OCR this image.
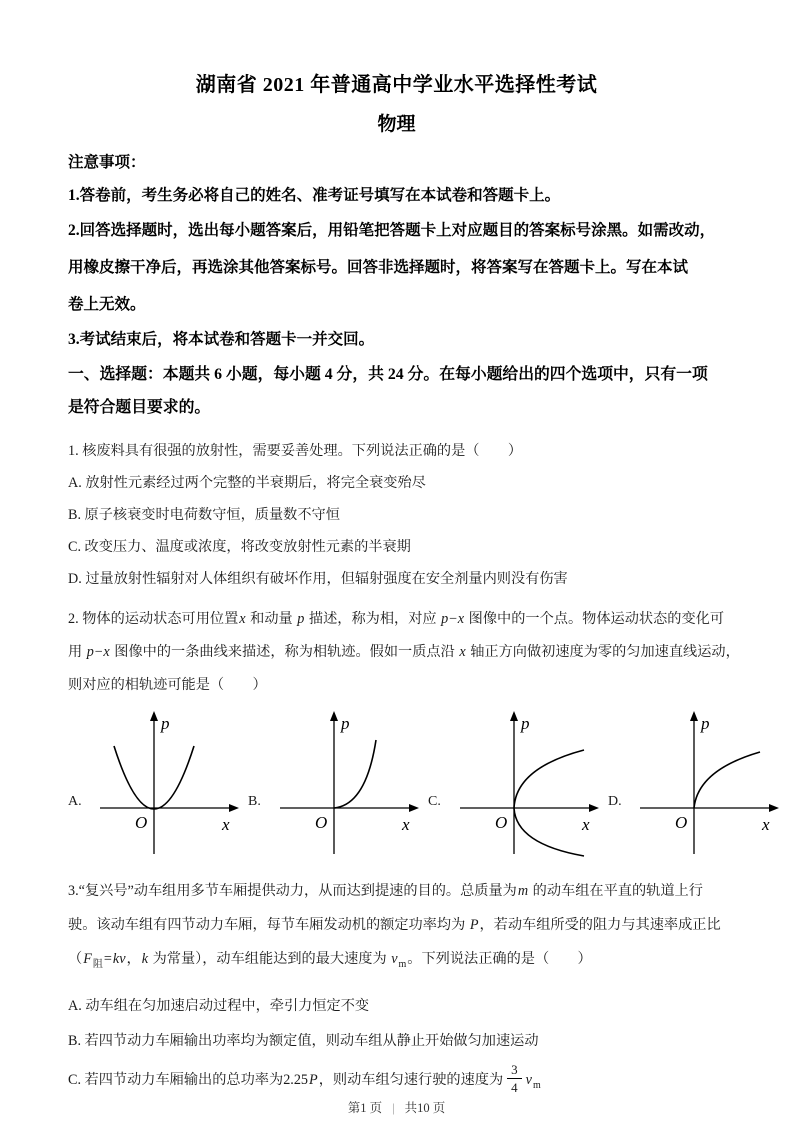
湖南省 2021 年普通高中学业水平选择性考试
物理
注意事项：
1.答卷前，考生务必将自己的姓名、准考证号填写在本试卷和答题卡上。
2.回答选择题时，选出每小题答案后，用铅笔把答题卡上对应题目的答案标号涂黑。如需改动，
用橡皮擦干净后，再选涂其他答案标号。回答非选择题时，将答案写在答题卡上。写在本试
卷上无效。
3.考试结束后，将本试卷和答题卡一并交回。
一、选择题：本题共 6 小题，每小题 4 分，共 24 分。在每小题给出的四个选项中，只有一项
是符合题目要求的。
1. 核废料具有很强的放射性，需要妥善处理。下列说法正确的是（　　）
A. 放射性元素经过两个完整的半衰期后，将完全衰变殆尽
B. 原子核衰变时电荷数守恒，质量数不守恒
C. 改变压力、温度或浓度，将改变放射性元素的半衰期
D. 过量放射性辐射对人体组织有破坏作用，但辐射强度在安全剂量内则没有伤害
2. 物体的运动状态可用位置x 和动量 p 描述，称为相，对应 p−x 图像中的一个点。物体运动状态的变化可
用 p−x 图像中的一条曲线来描述，称为相轨迹。假如一质点沿 x 轴正方向做初速度为零的匀加速直线运动，
则对应的相轨迹可能是（　　）
A.
p
x
O
B.
p
x
O
C.
p
x
O
D.
p
x
O
3.“复兴号”动车组用多节车厢提供动力，从而达到提速的目的。总质量为m 的动车组在平直的轨道上行
驶。该动车组有四节动力车厢，每节车厢发动机的额定功率均为 P，若动车组所受的阻力与其速率成正比
（$F_阻=kv$，k 为常量），动车组能达到的最大速度为 $v_m$。下列说法正确的是（　　）
A. 动车组在匀加速启动过程中，牵引力恒定不变
B. 若四节动力车厢输出功率均为额定值，则动车组从静止开始做匀加速运动
C. 若四节动力车厢输出的总功率为2.25P，则动车组匀速行驶的速度为 $\frac{3}{4} v_m$
第1 页 | 共10 页
